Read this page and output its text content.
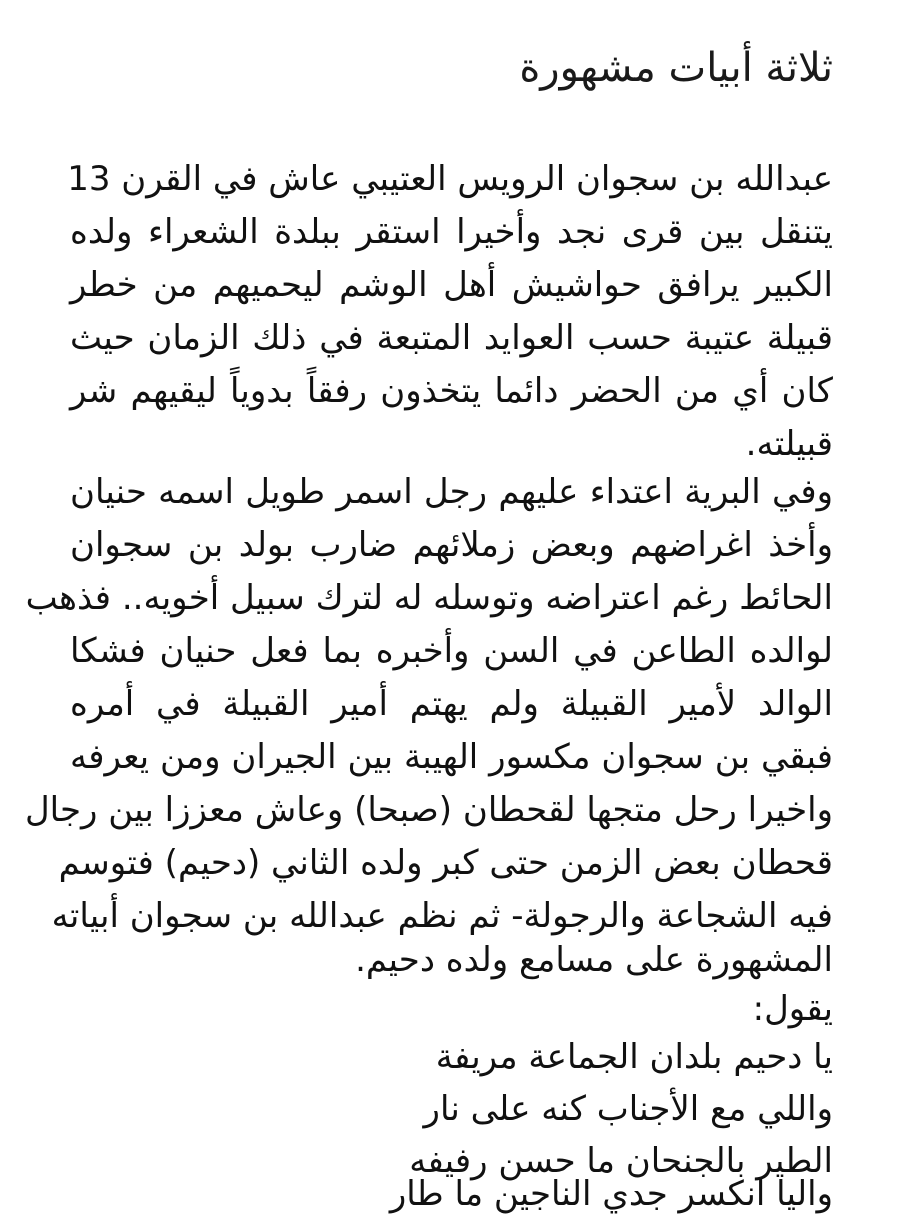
ثلاثة أبيات مشهورة

عبدالله بن سجوان الرويس العتيبي عاش في القرن 13

يتنقل بين قرى نجد وأخيرا استقر ببلدة الشعراء ولده

الكبير يرافق حواشيش أهل الوشم ليحميهم من خطر

قبيلة عتيبة حسب العوايد المتبعة في ذلك الزمان حيث

كان أي من الحضر دائما يتخذون رفقاً بدوياً ليقيهم شر

قبيلته.

وفي البرية اعتداء عليهم رجل اسمر طويل اسمه حنيان

وأخذ اغراضهم وبعض زملائهم ضارب بولد بن سجوان

الحائط رغم اعتراضه وتوسله له لترك سبيل أخويه.. فذهب

لوالده الطاعن في السن وأخبره بما فعل حنيان فشكا

الوالد لأمير القبيلة ولم يهتم أمير القبيلة في أمره

فبقي بن سجوان مكسور الهيبة بين الجيران ومن يعرفه

واخيرا رحل متجها لقحطان (صبحا) وعاش معززا بين رجال

قحطان بعض الزمن حتى كبر ولده الثاني (دحيم) فتوسم

فيه الشجاعة والرجولة- ثم نظم عبدالله بن سجوان أبياته

المشهورة على مسامع ولده دحيم.

يقول:

يا دحيم بلدان الجماعة مريفة

واللي مع الأجناب كنه على نار

الطير بالجنحان ما حسن رفيفه

واليا انكسر جدي الناجين ما طار
